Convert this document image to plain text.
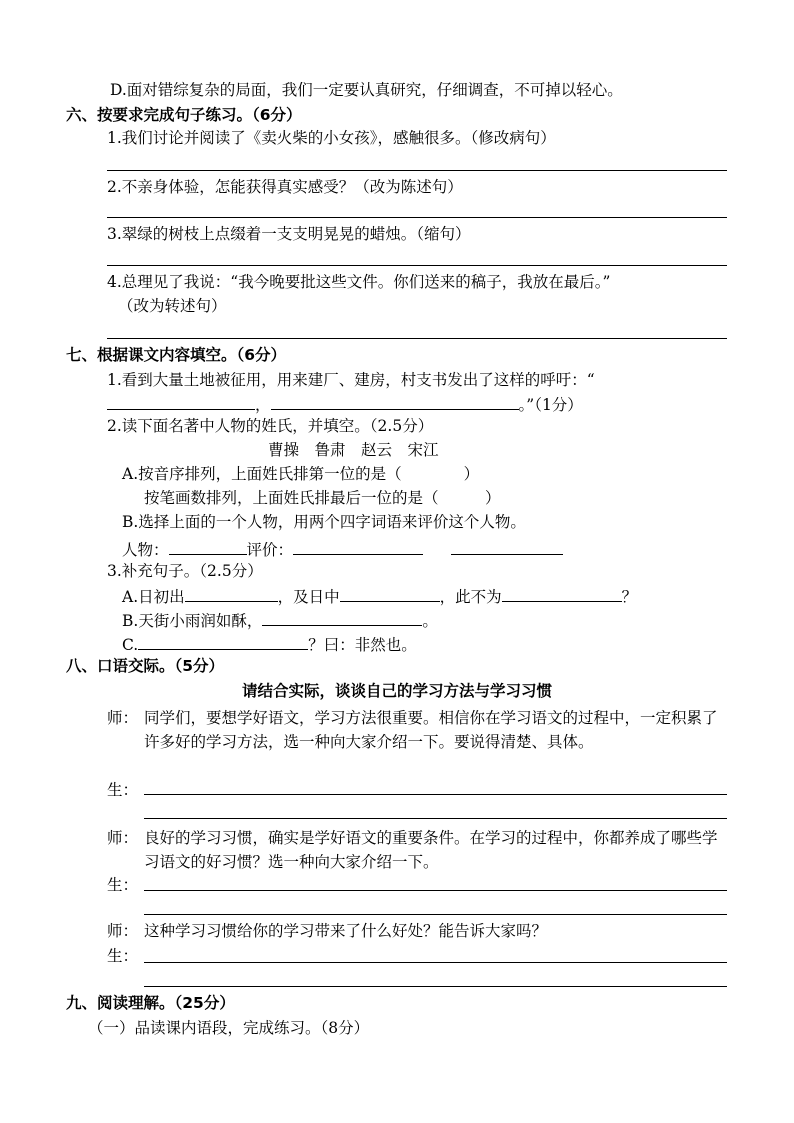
D.面对错综复杂的局面，我们一定要认真研究，仔细调查，不可掉以轻心。
六、按要求完成句子练习。（6分）
1.我们讨论并阅读了《卖火柴的小女孩》，感触很多。（修改病句）
2.不亲身体验，怎能获得真实感受？（改为陈述句）
3.翠绿的树枝上点缀着一支支明晃晃的蜡烛。（缩句）
4.总理见了我说：“我今晚要批这些文件。你们送来的稿子，我放在最后。”
（改为转述句）
七、根据课文内容填空。（6分）
1.看到大量土地被征用，用来建厂、建房，村支书发出了这样的呼吁：“
，	。”（1分）
2.读下面名著中人物的姓氏，并填空。（2.5分）
曹操　鲁肃　赵云　宋江
A.按音序排列，上面姓氏排第一位的是（　　　　）
按笔画数排列，上面姓氏排最后一位的是（　　　）
B.选择上面的一个人物，用两个四字词语来评价这个人物。
人物：	评价：
3.补充句子。（2.5分）
A.日初出	，及日中	，此不为	？
B.天街小雨润如酥，	。
C.	？曰：非然也。
八、口语交际。（5分）
请结合实际，谈谈自己的学习方法与学习习惯
师： 同学们，要想学好语文，学习方法很重要。相信你在学习语文的过程中，一定积累了许多好的学习方法，选一种向大家介绍一下。要说得清楚、具体。
生：
师： 良好的学习习惯，确实是学好语文的重要条件。在学习的过程中，你都养成了哪些学习语文的好习惯？选一种向大家介绍一下。
生：
师： 这种学习习惯给你的学习带来了什么好处？能告诉大家吗？
生：
九、阅读理解。（25分）
（一）品读课内语段，完成练习。（8分）
